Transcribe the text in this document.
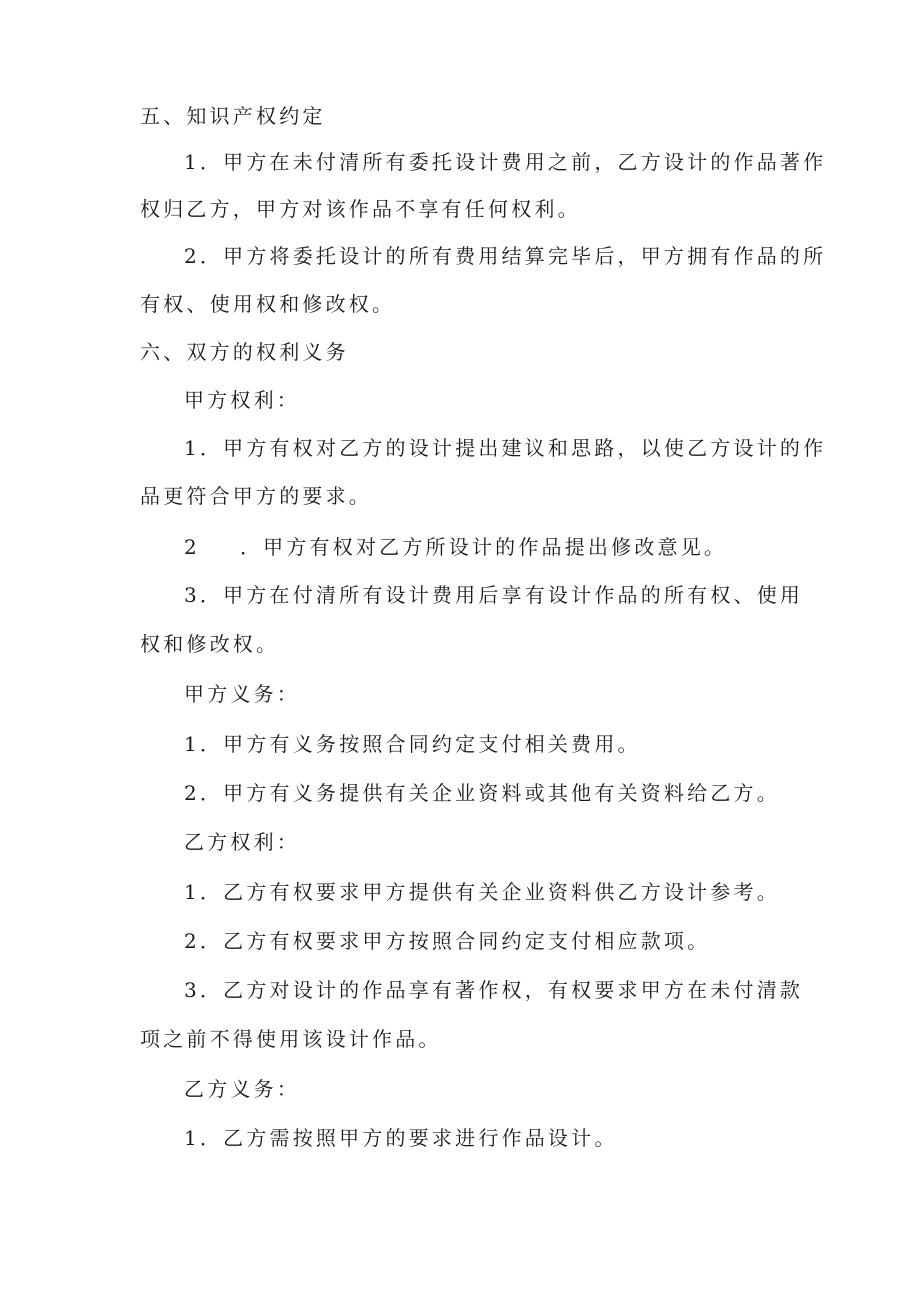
五、知识产权约定
1．甲方在未付清所有委托设计费用之前，乙方设计的作品著作
权归乙方，甲方对该作品不享有任何权利。
2．甲方将委托设计的所有费用结算完毕后，甲方拥有作品的所
有权、使用权和修改权。
六、双方的权利义务
甲方权利：
1．甲方有权对乙方的设计提出建议和思路，以使乙方设计的作
品更符合甲方的要求。
2 ．甲方有权对乙方所设计的作品提出修改意见。
3．甲方在付清所有设计费用后享有设计作品的所有权、使用
权和修改权。
甲方义务：
1．甲方有义务按照合同约定支付相关费用。
2．甲方有义务提供有关企业资料或其他有关资料给乙方。
乙方权利：
1．乙方有权要求甲方提供有关企业资料供乙方设计参考。
2．乙方有权要求甲方按照合同约定支付相应款项。
3．乙方对设计的作品享有著作权，有权要求甲方在未付清款
项之前不得使用该设计作品。
乙方义务：
1．乙方需按照甲方的要求进行作品设计。
